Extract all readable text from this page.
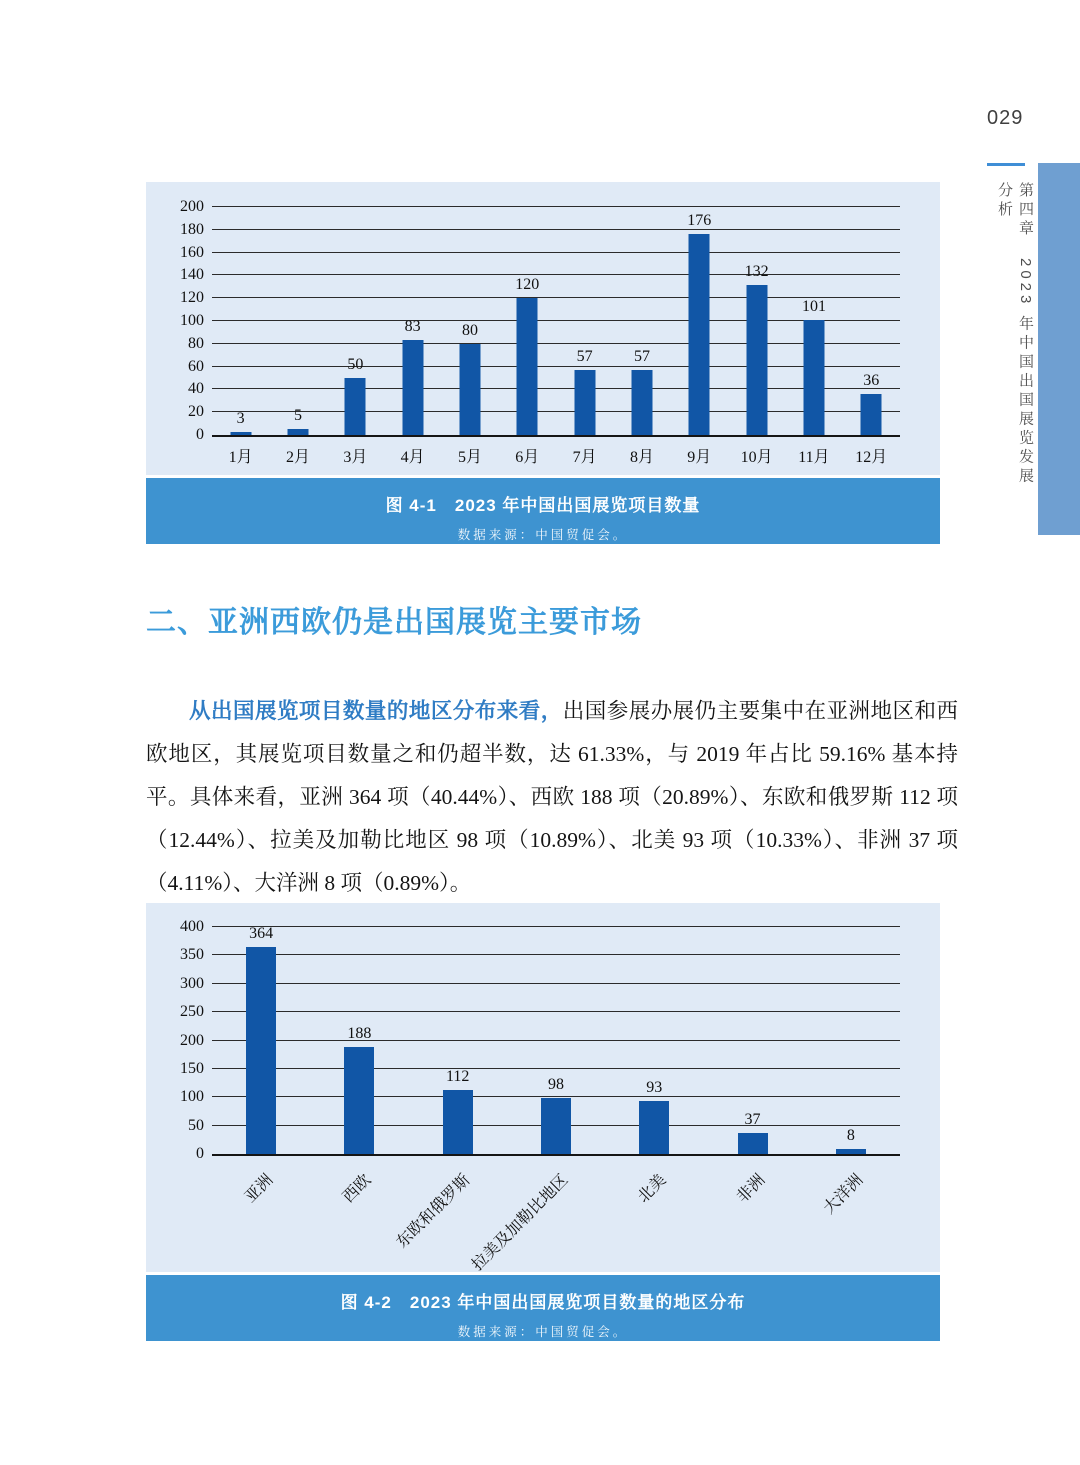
029
第四章　2023 年中国出国展览发展分析
0
20
40
60
80
100
120
140
160
180
200
3	5
50
83	80
120
57	57
176
132
101
36
1月	2月	3月	4月	5月	6月	7月	8月	9月	10月	11月	12月
图 4-1　2023 年中国出国展览项目数量
数据来源：中国贸促会。
二、亚洲西欧仍是出国展览主要市场

从出国展览项目数量的地区分布来看，出国参展办展仍主要集中在亚洲地区和西欧地区，其展览项目数量之和仍超半数，达 61.33%，与 2019 年占比 59.16% 基本持平。具体来看，亚洲 364 项（40.44%）、西欧 188 项（20.89%）、东欧和俄罗斯 112 项（12.44%）、拉美及加勒比地区 98 项（10.89%）、北美 93 项（10.33%）、非洲 37 项（4.11%）、大洋洲 8 项（0.89%）。

0
50
100
150
200
250
300
350
400	364
188
112	98	93
37
8
亚洲	西欧 东欧和俄罗斯
拉美及加勒比地区	北美	非洲	大洋洲
图 4-2　2023 年中国出国展览项目数量的地区分布
数据来源：中国贸促会。
